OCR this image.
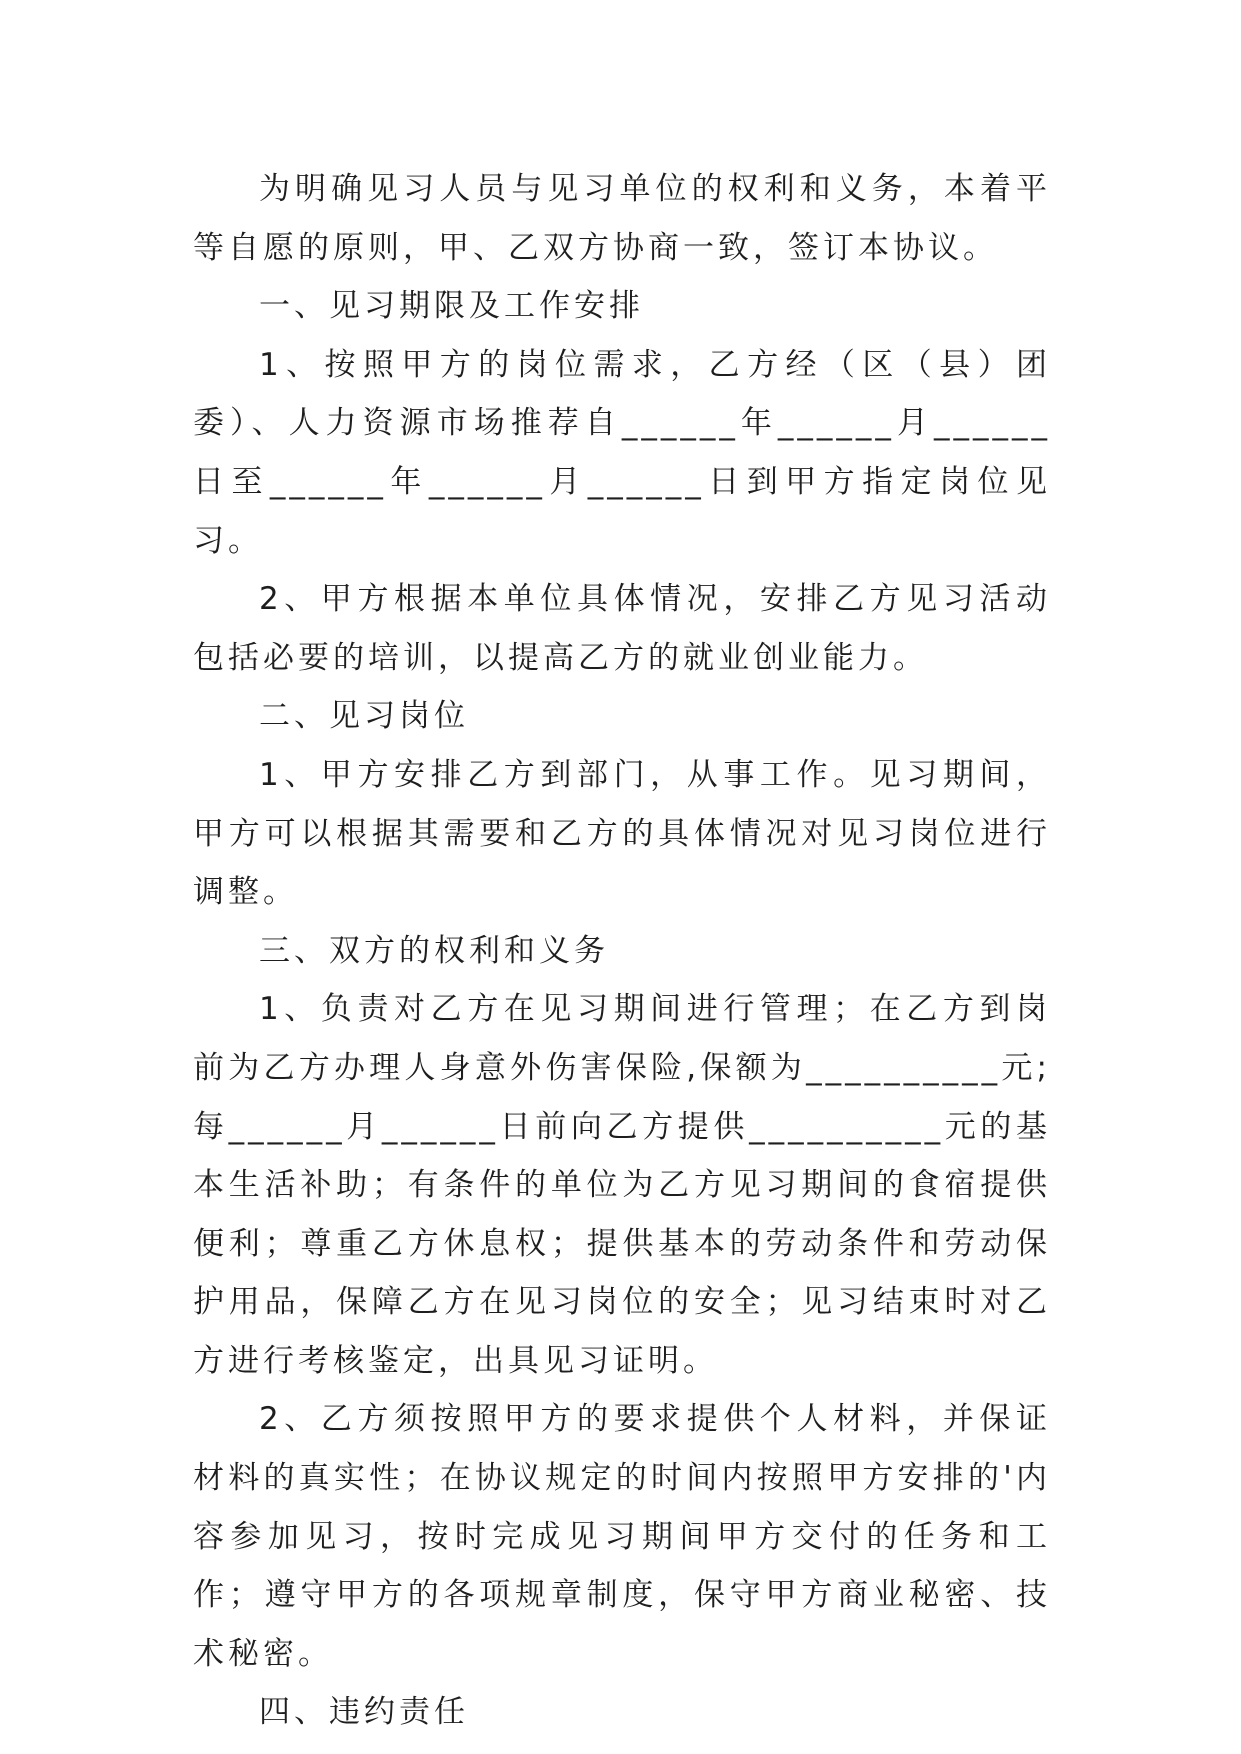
为明确见习人员与见习单位的权利和义务，本着平等自愿的原则，甲、乙双方协商一致，签订本协议。

一、见习期限及工作安排

1、按照甲方的岗位需求，乙方经（区（县）团委）、人力资源市场推荐自______年______月______日至______年______月______日到甲方指定岗位见习。

2、甲方根据本单位具体情况，安排乙方见习活动包括必要的培训，以提高乙方的就业创业能力。

二、见习岗位

1、甲方安排乙方到部门，从事工作。见习期间，甲方可以根据其需要和乙方的具体情况对见习岗位进行调整。

三、双方的权利和义务

1、负责对乙方在见习期间进行管理；在乙方到岗前为乙方办理人身意外伤害保险,保额为__________元;每______月______日前向乙方提供__________元的基本生活补助；有条件的单位为乙方见习期间的食宿提供便利；尊重乙方休息权；提供基本的劳动条件和劳动保护用品，保障乙方在见习岗位的安全；见习结束时对乙方进行考核鉴定，出具见习证明。

2、乙方须按照甲方的要求提供个人材料，并保证材料的真实性；在协议规定的时间内按照甲方安排的'内容参加见习，按时完成见习期间甲方交付的任务和工作；遵守甲方的各项规章制度，保守甲方商业秘密、技术秘密。

四、违约责任
